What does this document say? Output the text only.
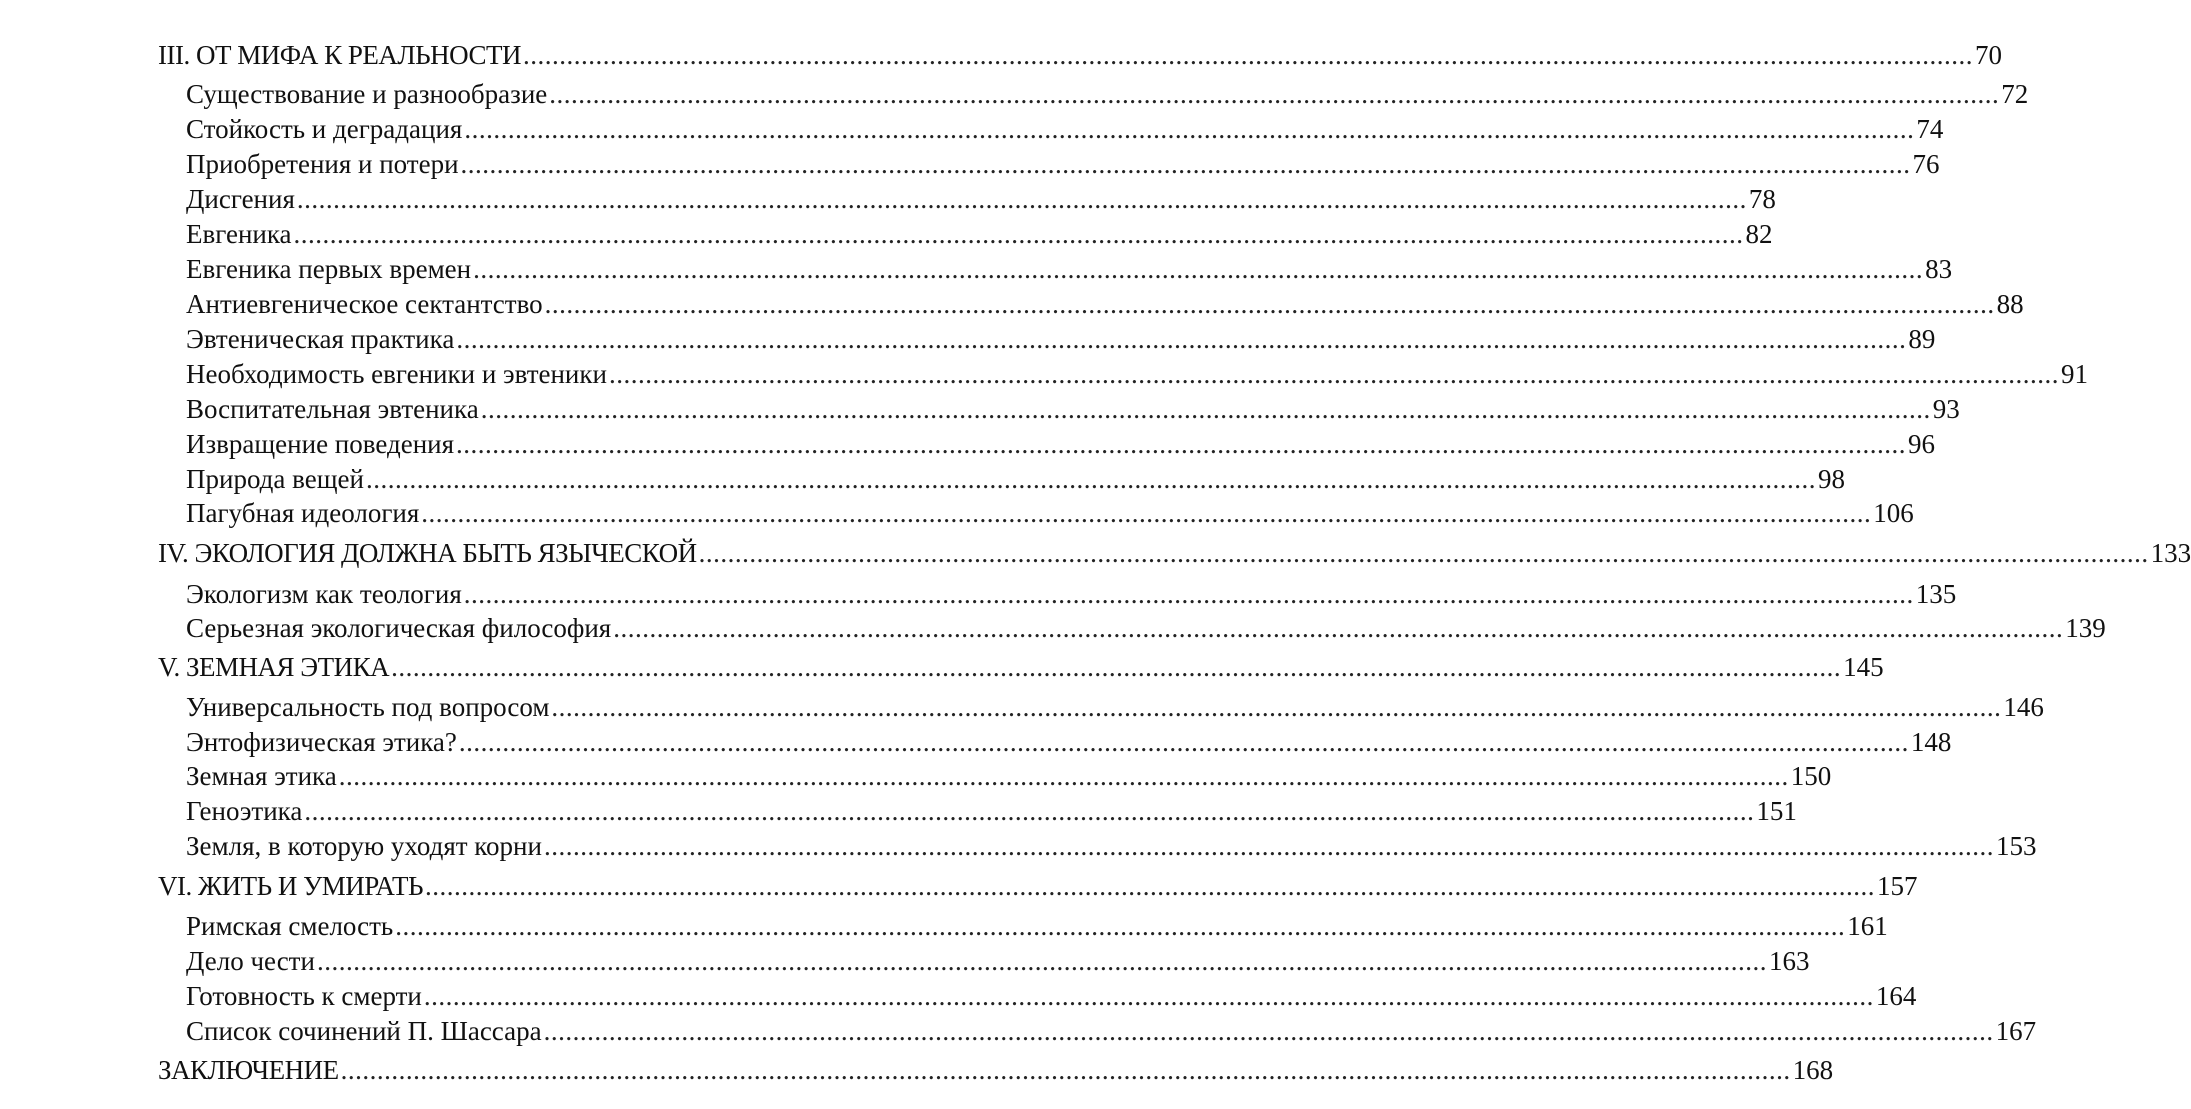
III. ОТ МИФА К РЕАЛЬНОСТИ ........................................................................................................................................................................................................ 70
Существование и разнообразие ........................................................................................................................................................................................................ 72
Стойкость и деградация ........................................................................................................................................................................................................ 74
Приобретения и потери ........................................................................................................................................................................................................ 76
Дисгения ........................................................................................................................................................................................................ 78
Евгеника ........................................................................................................................................................................................................ 82
Евгеника первых времен ........................................................................................................................................................................................................ 83
Антиевгеническое сектантство ........................................................................................................................................................................................................ 88
Эвтеническая практика ........................................................................................................................................................................................................ 89
Необходимость евгеники и эвтеники ........................................................................................................................................................................................................ 91
Воспитательная эвтеника ........................................................................................................................................................................................................ 93
Извращение поведения ........................................................................................................................................................................................................ 96
Природа вещей ........................................................................................................................................................................................................ 98
Пагубная идеология ........................................................................................................................................................................................................ 106
IV. ЭКОЛОГИЯ ДОЛЖНА БЫТЬ ЯЗЫЧЕСКОЙ ........................................................................................................................................................................................................ 133
Экологизм как теология ........................................................................................................................................................................................................ 135
Серьезная экологическая философия ........................................................................................................................................................................................................ 139
V. ЗЕМНАЯ ЭТИКА ........................................................................................................................................................................................................ 145
Универсальность под вопросом ........................................................................................................................................................................................................ 146
Энтофизическая этика? ........................................................................................................................................................................................................ 148
Земная этика ........................................................................................................................................................................................................ 150
Геноэтика ........................................................................................................................................................................................................ 151
Земля, в которую уходят корни ........................................................................................................................................................................................................ 153
VI. ЖИТЬ И УМИРАТЬ ........................................................................................................................................................................................................ 157
Римская смелость ........................................................................................................................................................................................................ 161
Дело чести ........................................................................................................................................................................................................ 163
Готовность к смерти ........................................................................................................................................................................................................ 164
Список сочинений П. Шассара ........................................................................................................................................................................................................ 167
ЗАКЛЮЧЕНИЕ ........................................................................................................................................................................................................ 168
